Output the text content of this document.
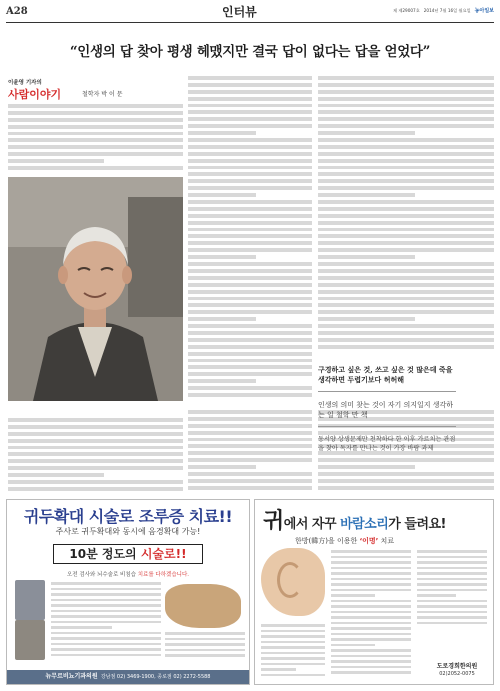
A28	인터뷰	제 제29007호 2014년 7월 16일 월요일 농아일보
“인생의 답 찾아 평생 헤맸지만 결국 답이 없다는 답을 얻었다”
이윤영 기자의
사람이야기	철학자 박 이 문
구경하고 싶은 것, 쓰고 싶은 것 많은데 죽을 생각하면 두렵기보다 허허해
인생의 의미 찾는 것이 자기 의지일지 생각하는 일 철학 만 책
동서양 상생문제만 천착하다 한 이후 가르치는 관점을 찾아 독자를 만나는 것이 가장 바람 과제
귀두확대 시술로 조루증 치료!!
주사로 귀두확대와 동시에 음경확대 가능!
10분 정도의 시술로!!
오전 검사와 뇌수술로 비침습 치료를 다하겠습니다.
뉴무르비뇨기과의원 강남점 02) 3469-1900, 종로점 02) 2272-5588
귀에서 자꾸 바람소리가 들려요!
한방(韓方)을 이용한 ‘이명’ 치료
도로경희한의원
02)2052-0075
